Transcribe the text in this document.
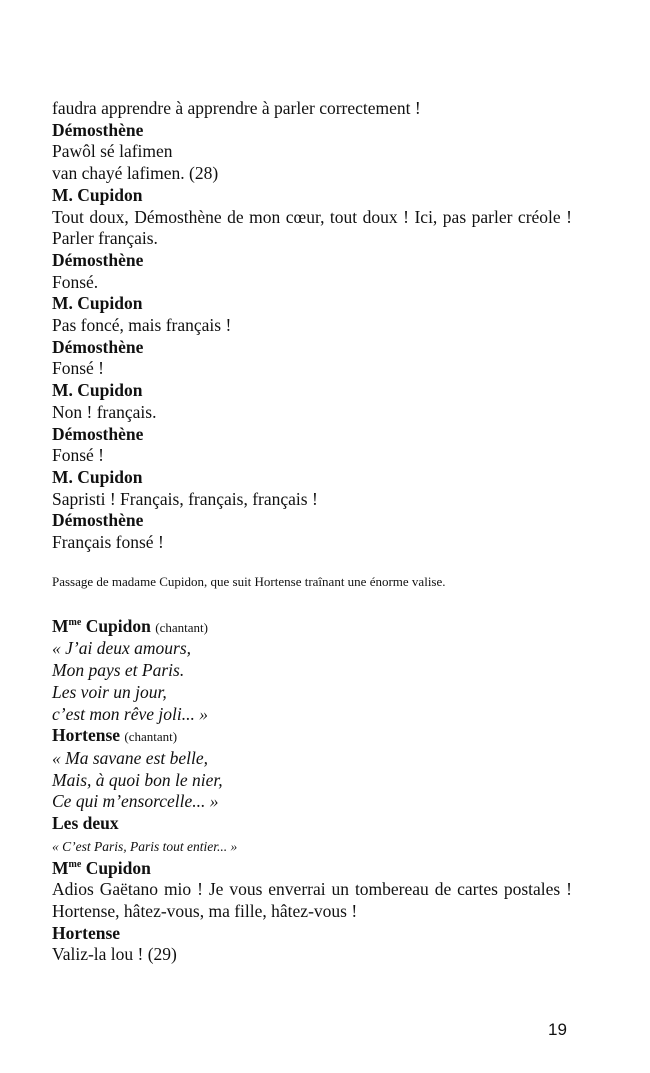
faudra apprendre à apprendre à parler correctement !
Démosthène
Pawôl sé lafimen
van chayé lafimen. (28)
M. Cupidon
Tout doux, Démosthène de mon cœur, tout doux ! Ici, pas parler créole ! Parler français.
Démosthène
Fonsé.
M. Cupidon
Pas foncé, mais français !
Démosthène
Fonsé !
M. Cupidon
Non ! français.
Démosthène
Fonsé !
M. Cupidon
Sapristi ! Français, français, français !
Démosthène
Français fonsé !
Passage de madame Cupidon, que suit Hortense traînant une énorme valise.
$M^{me}$ Cupidon (chantant)
« J’ai deux amours,
Mon pays et Paris.
Les voir un jour,
c’est mon rêve joli... »
Hortense (chantant)
« Ma savane est belle,
Mais, à quoi bon le nier,
Ce qui m’ensorcelle... »
Les deux
« C’est Paris, Paris tout entier... »
$M^{me}$ Cupidon
Adios Gaëtano mio ! Je vous enverrai un tombereau de cartes postales ! Hortense, hâtez-vous, ma fille, hâtez-vous !
Hortense
Valiz-la lou ! (29)
19
